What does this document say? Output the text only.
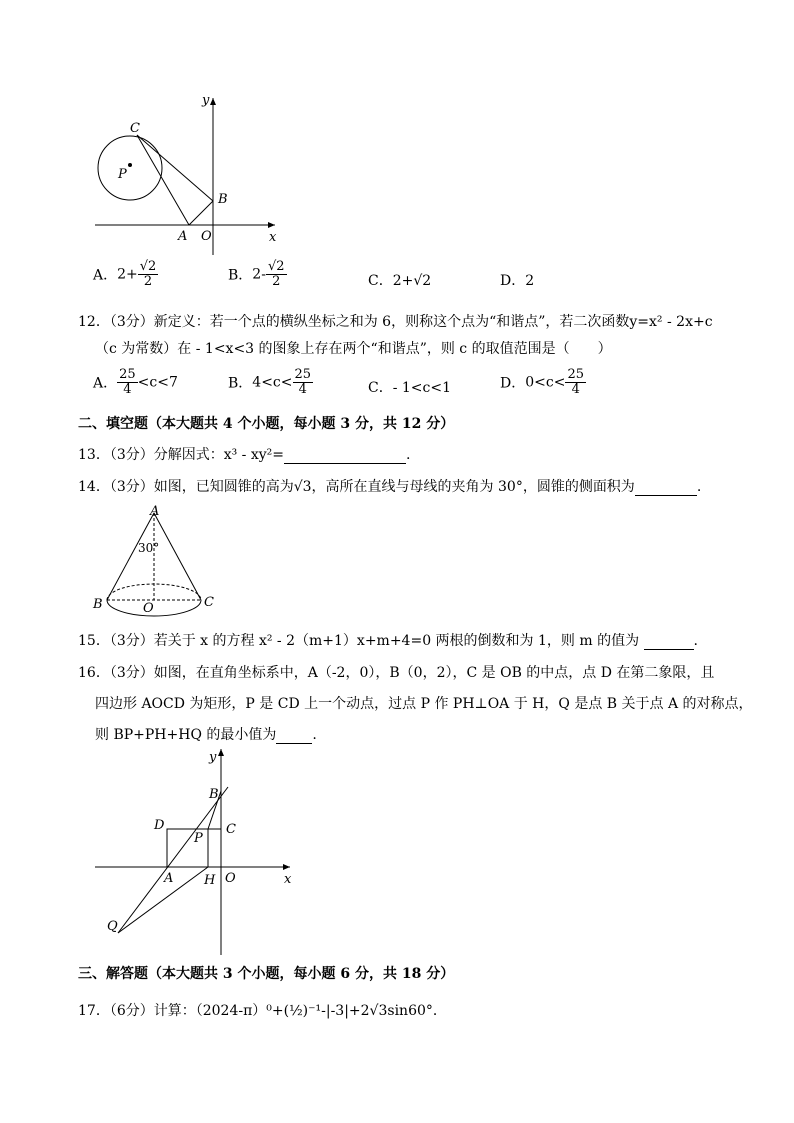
y
x
C
P
B
A O
A．$2+ \frac{√2}{2}$	B．$2- \frac{√2}{2}$	C．2+√2	D．2
12．（3分）新定义：若一个点的横纵坐标之和为 6，则称这个点为“和谐点”，若二次函数y=x² - 2x+c
（c 为常数）在 - 1<x<3 的图象上存在两个“和谐点”，则 c 的取值范围是（　　）
A． $\frac{25}{4} <c<7$	B．$4<c< \frac{25}{4}$	C．- 1<c<1	D．$0<c< \frac{25}{4}$
二、填空题（本大题共 4 个小题，每小题 3 分，共 12 分）
13．（3分）分解因式：x³ - xy²=	.
14．（3分）如图，已知圆锥的高为√3，高所在直线与母线的夹角为 30°，圆锥的侧面积为	.
A
30°
B	O	C
15．（3分）若关于 x 的方程 x² - 2（m+1）x+m+4=0 两根的倒数和为 1，则 m 的值为	.
16．（3分）如图，在直角坐标系中，A（-2，0），B（0，2），C 是 OB 的中点，点 D 在第二象限，且
四边形 AOCD 为矩形，P 是 CD 上一个动点，过点 P 作 PH⊥OA 于 H，Q 是点 B 关于点 A 的对称点，
则 BP+PH+HQ 的最小值为	.
y
x
B
D	C
P
A H O
Q
三、解答题（本大题共 3 个小题，每小题 6 分，共 18 分）
17．（6分）计算：（2024-π）⁰+(½)⁻¹-|-3|+2√3sin60°．
